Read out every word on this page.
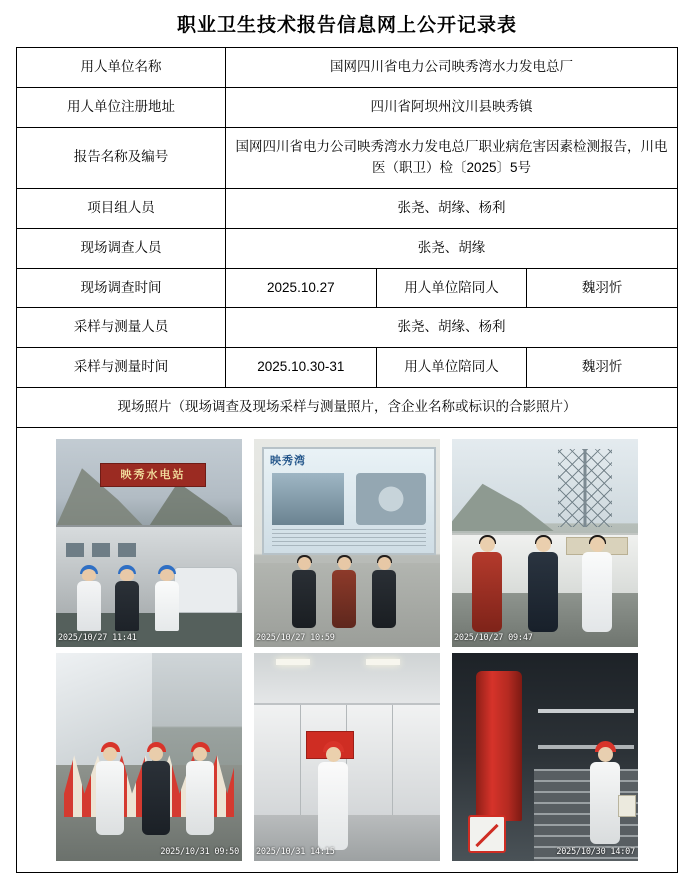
职业卫生技术报告信息网上公开记录表
用人单位名称	国网四川省电力公司映秀湾水力发电总厂		
用人单位注册地址	四川省阿坝州汶川县映秀镇		
报告名称及编号	国网四川省电力公司映秀湾水力发电总厂职业病危害因素检测报告，川电医（职卫）检〔2025〕5号		
项目组人员	张尧、胡缘、杨利		
现场调查人员	张尧、胡缘		
现场调查时间	2025.10.27	用人单位陪同人	魏羽忻
采样与测量人员	张尧、胡缘、杨利		
采样与测量时间	2025.10.30-31	用人单位陪同人	魏羽忻
现场照片（现场调查及现场采样与测量照片，含企业名称或标识的合影照片）			

映秀水电站
2025/10/27 11:41
映秀湾
2025/10/27 10:59	2025/10/27 09:47
2025/10/31 09:50 2025/10/31 14:15	2025/10/30 14:07
